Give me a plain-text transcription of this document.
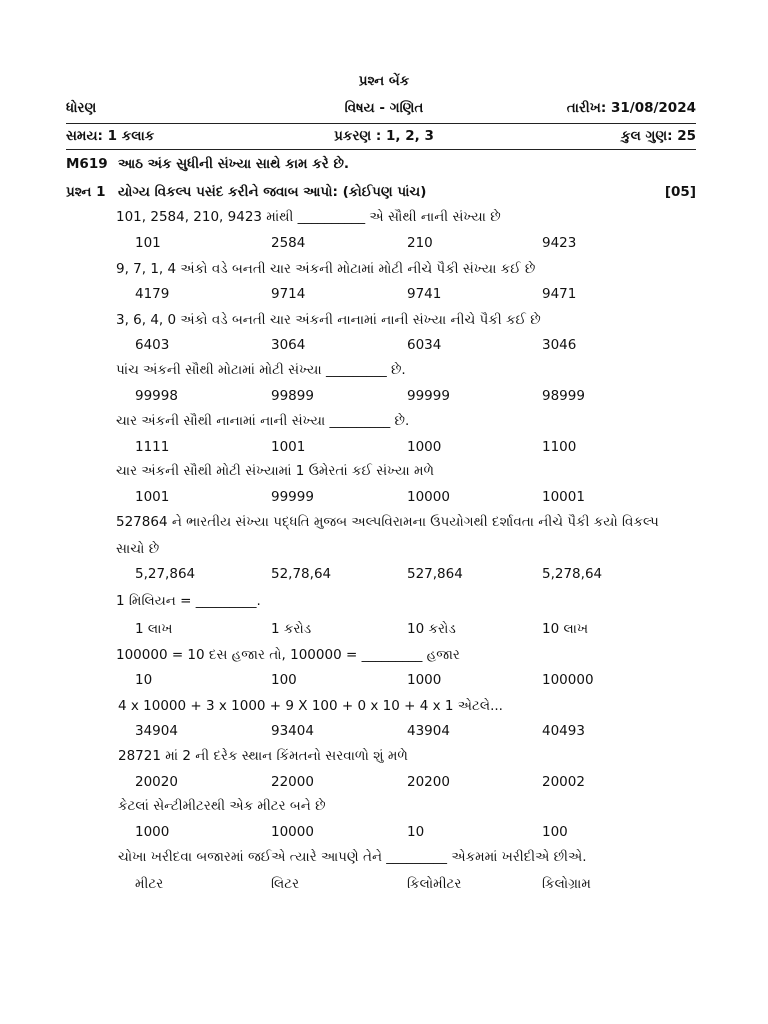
પ્રશ્ન બેંક
ધોરણ	વિષય - ગણિત	તારીખ: 31/08/2024
સમય: 1 કલાક	પ્રકરણ : 1, 2, 3	કુલ ગુણ: 25
M619 આઠ અંક સુધીની સંખ્યા સાથે કામ કરે છે.
પ્રશ્ન 1 યોગ્ય વિકલ્પ પસંદ કરીને જવાબ આપો: (કોઈપણ પાંચ)	[05]
101, 2584, 210, 9423 માંથી __________ એ સૌથી નાની સંખ્યા છે
101	2584	210	9423
9, 7, 1, 4 અંકો વડે બનતી ચાર અંકની મોટામાં મોટી નીચે પૈકી સંખ્યા કઈ છે
4179	9714	9741	9471
3, 6, 4, 0 અંકો વડે બનતી ચાર અંકની નાનામાં નાની સંખ્યા નીચે પૈકી કઈ છે
6403	3064	6034	3046
પાંચ અંકની સૌથી મોટામાં મોટી સંખ્યા _________ છે.
99998	99899	99999	98999
ચાર અંકની સૌથી નાનામાં નાની સંખ્યા _________ છે.
1111	1001	1000	1100
ચાર અંકની સૌથી મોટી સંખ્યામાં 1 ઉમેરતાં કઈ સંખ્યા મળે
1001	99999	10000	10001
527864 ને ભારતીય સંખ્યા પદ્ધતિ મુજબ અલ્પવિરામના ઉપયોગથી દર્શાવતા નીચે પૈકી કયો વિકલ્પ
સાચો છે
5,27,864	52,78,64	527,864	5,278,64
1 મિલિયન = _________.
1 લાખ	1 કરોડ	10 કરોડ	10 લાખ
100000 = 10 દસ હજાર તો, 100000 = _________ હજાર
10	100	1000	100000
4 x 10000 + 3 x 1000 + 9 X 100 + 0 x 10 + 4 x 1 એટલે...
34904	93404	43904	40493
28721 માં 2 ની દરેક સ્થાન કિંમતનો સરવાળો શું મળે
20020	22000	20200	20002
કેટલાં સેન્ટીમીટરથી એક મીટર બને છે
1000	10000	10	100
ચોખા ખરીદવા બજારમાં જઈએ ત્યારે આપણે તેને _________ એકમમાં ખરીદીએ છીએ.
મીટર	લિટર	કિલોમીટર	કિલોગ્રામ
